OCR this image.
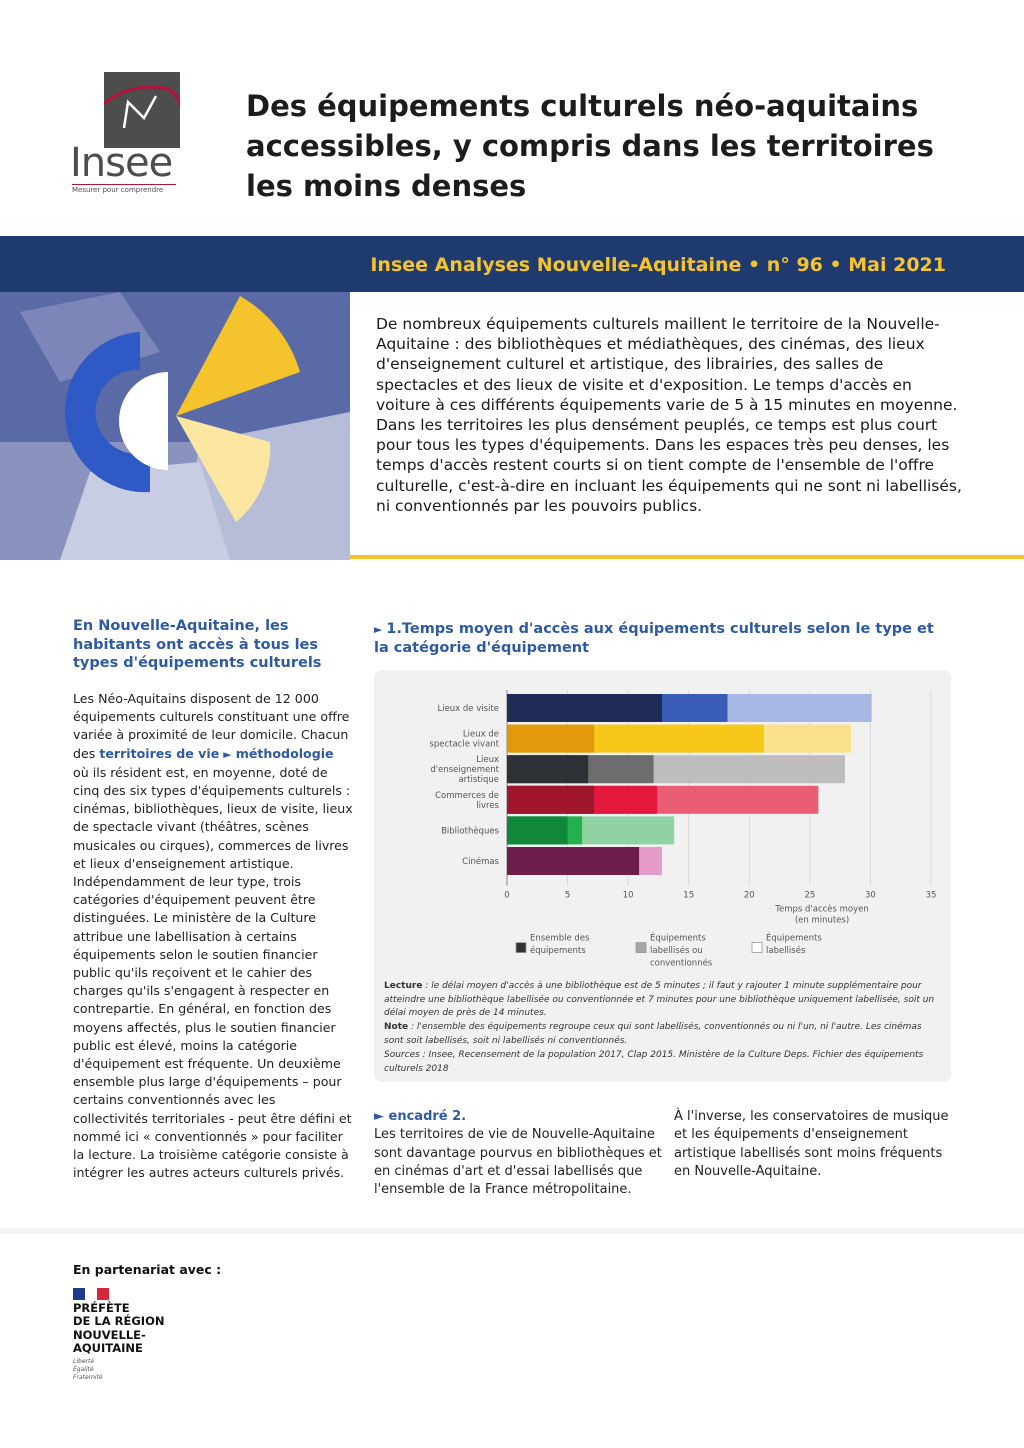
Insee
Mesurer pour comprendre
Des équipements culturels néo-aquitains accessibles, y compris dans les territoires les moins denses
Insee Analyses Nouvelle-Aquitaine • n° 96 • Mai 2021
De nombreux équipements culturels maillent le territoire de la Nouvelle-Aquitaine : des bibliothèques et médiathèques, des cinémas, des lieux d'enseignement culturel et artistique, des librairies, des salles de spectacles et des lieux de visite et d'exposition. Le temps d'accès en voiture à ces différents équipements varie de 5 à 15 minutes en moyenne. Dans les territoires les plus densément peuplés, ce temps est plus court pour tous les types d'équipements. Dans les espaces très peu denses, les temps d'accès restent courts si on tient compte de l'ensemble de l'offre culturelle, c'est-à-dire en incluant les équipements qui ne sont ni labellisés, ni conventionnés par les pouvoirs publics.
En Nouvelle-Aquitaine, les habitants ont accès à tous les types d'équipements culturels
Les Néo-Aquitains disposent de 12 000 équipements culturels constituant une offre variée à proximité de leur domicile. Chacun des territoires de vie ► méthodologie où ils résident est, en moyenne, doté de cinq des six types d'équipements culturels : cinémas, bibliothèques, lieux de visite, lieux de spectacle vivant (théâtres, scènes musicales ou cirques), commerces de livres et lieux d'enseignement artistique. Indépendamment de leur type, trois catégories d'équipement peuvent être distinguées. Le ministère de la Culture attribue une labellisation à certains équipements selon le soutien financier public qu'ils reçoivent et le cahier des charges qu'ils s'engagent à respecter en contrepartie. En général, en fonction des moyens affectés, plus le soutien financier public est élevé, moins la catégorie d'équipement est fréquente. Un deuxième ensemble plus large d'équipements – pour certains conventionnés avec les collectivités territoriales - peut être défini et nommé ici « conventionnés » pour faciliter la lecture. La troisième catégorie consiste à intégrer les autres acteurs culturels privés.
► 1.Temps moyen d'accès aux équipements culturels selon le type et la catégorie d'équipement
0	5	10	15	20	25	30	35
Lieux de visite
Lieux de
spectacle vivant
Lieux
d'enseignement
artistique
Commerces de
livres
Bibliothèques
Cinémas
Temps d'accès moyen
(en minutes)
Ensemble des
équipements
Équipements
labellisés ou
conventionnés
Équipements
labellisés
Lecture : le délai moyen d'accès à une bibliothèque est de 5 minutes ; il faut y rajouter 1 minute supplémentaire pour atteindre une bibliothèque labellisée ou conventionnée et 7 minutes pour une bibliothèque uniquement labellisée, soit un délai moyen de près de 14 minutes.
Note : l'ensemble des équipements regroupe ceux qui sont labellisés, conventionnés ou ni l'un, ni l'autre. Les cinémas sont soit labellisés, soit ni labellisés ni conventionnés.
Sources : Insee, Recensement de la population 2017, Clap 2015. Ministère de la Culture Deps. Fichier des équipements culturels 2018
► encadré 2.
Les territoires de vie de Nouvelle-Aquitaine sont davantage pourvus en bibliothèques et en cinémas d'art et d'essai labellisés que l'ensemble de la France métropolitaine.
À l'inverse, les conservatoires de musique et les équipements d'enseignement artistique labellisés sont moins fréquents en Nouvelle-Aquitaine.
En partenariat avec :
PRÉFÈTE
DE LA RÉGION
NOUVELLE-
AQUITAINE
Liberté
Égalité
Fraternité
